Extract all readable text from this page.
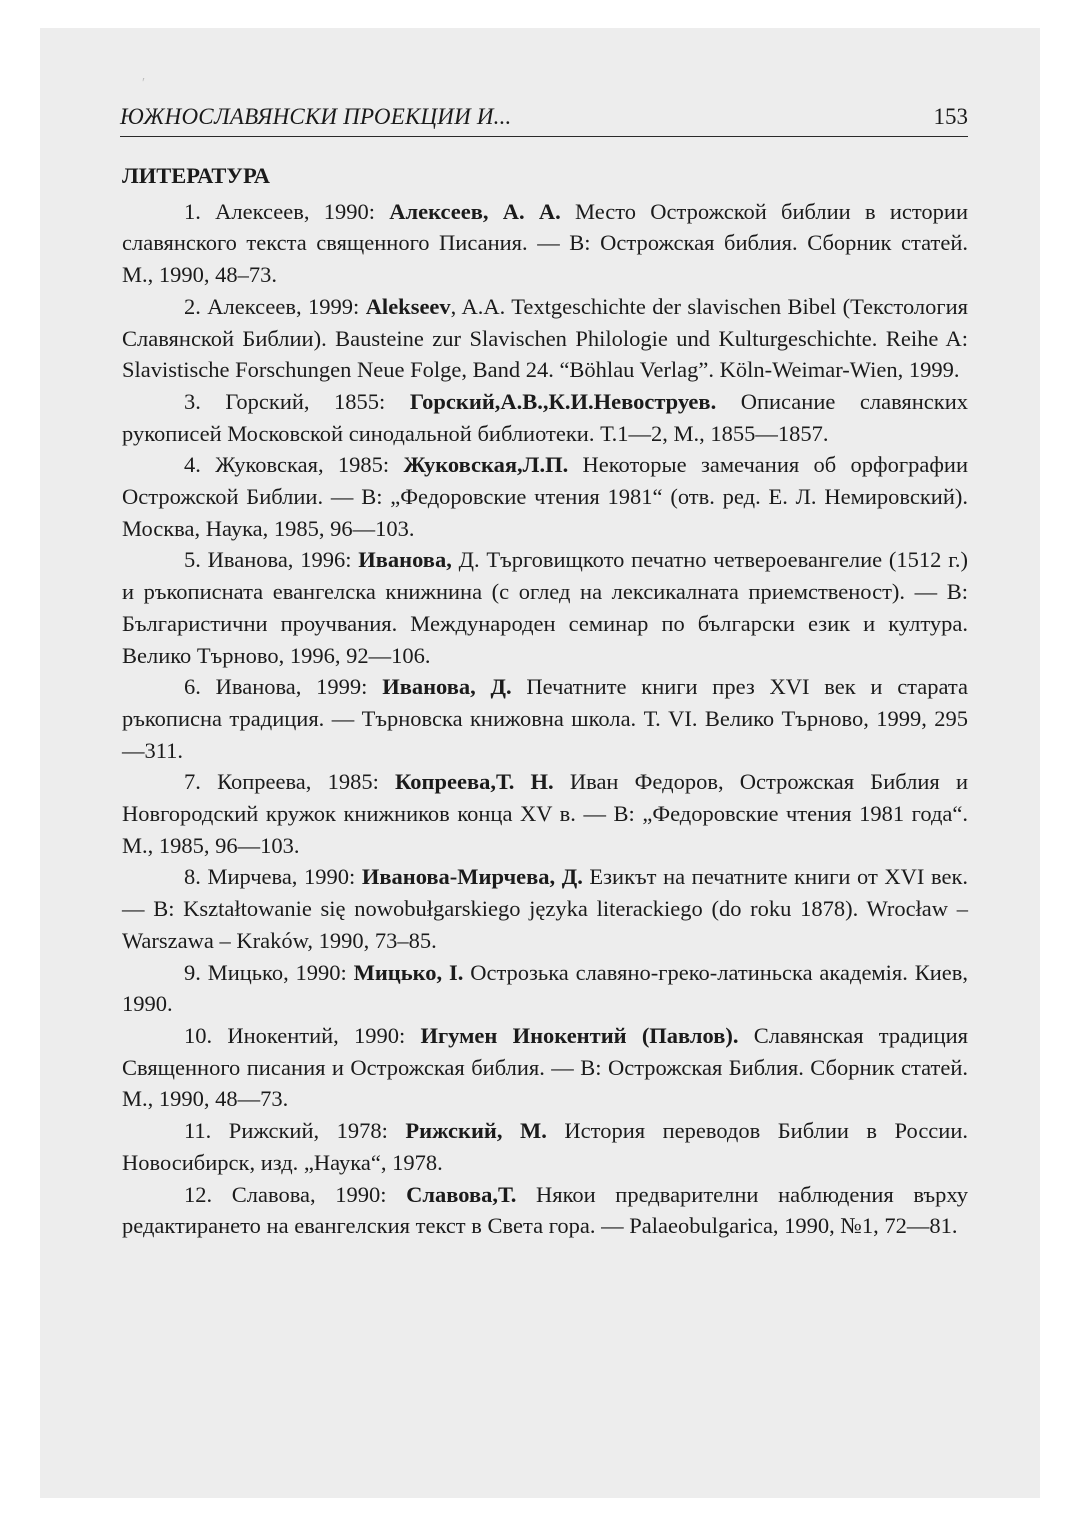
′
ЮЖНОСЛАВЯНСКИ ПРОЕКЦИИ И...	153
ЛИТЕРАТУРА

1. Алексеев, 1990: Алексеев, А. А. Место Острожской библии в истории славянского текста священного Писания. — В: Острожская библия. Сборник статей. М., 1990, 48–73.

2. Алексеев, 1999: Alekseev, A.A. Textgeschichte der slavischen Bibel (Текстология Славянской Библии). Bausteine zur Slavischen Philologie und Kulturgeschichte. Reihe A: Slavistische Forschungen Neue Folge, Band 24. “Böhlau Verlag”. Köln-Weimar-Wien, 1999.

3. Горский, 1855: Горский,А.В.,К.И.Невоструев. Описание славянских рукописей Московской синодальной библиотеки. Т.1—2, М., 1855—1857.

4. Жуковская, 1985: Жуковская,Л.П. Некоторые замечания об орфографии Острожской Библии. — В: „Федоровские чтения 1981“ (отв. ред. Е. Л. Немировский). Москва, Наука, 1985, 96—103.

5. Иванова, 1996: Иванова, Д. Търговищкото печатно четвероевангелие (1512 г.) и ръкописната евангелска книжнина (с оглед на лексикалната приемственост). — В: Българистични проучвания. Международен семинар по български език и култура. Велико Търново, 1996, 92—106.

6. Иванова, 1999: Иванова, Д. Печатните книги през XVI век и старата ръкописна традиция. — Търновска книжовна школа. Т. VI. Велико Търново, 1999, 295—311.

7. Копреева, 1985: Копреева,Т. Н. Иван Федоров, Острожская Библия и Новгородский кружок книжников конца XV в. — В: „Федоровские чтения 1981 года“. М., 1985, 96—103.

8. Мирчева, 1990: Иванова-Мирчева, Д. Езикът на печатните книги от XVI век. — В: Kształtowanie się nowobułgarskiego języka literackiego (do roku 1878). Wrocław – Warszawa – Kraków, 1990, 73–85.

9. Мицько, 1990: Мицько, I. Острозька славяно-греко-латиньска академiя. Киев, 1990.

10. Инокентий, 1990: Игумен Инокентий (Павлов). Славянская традиция Священного писания и Острожская библия. — В: Острожская Библия. Сборник статей. М., 1990, 48—73.

11. Рижский, 1978: Рижский, М. История переводов Библии в России. Новосибирск, изд. „Наука“, 1978.

12. Славова, 1990: Славова,Т. Някои предварителни наблюдения върху редактирането на евангелския текст в Света гора. — Palaeobulgarica, 1990, №1, 72—81.
